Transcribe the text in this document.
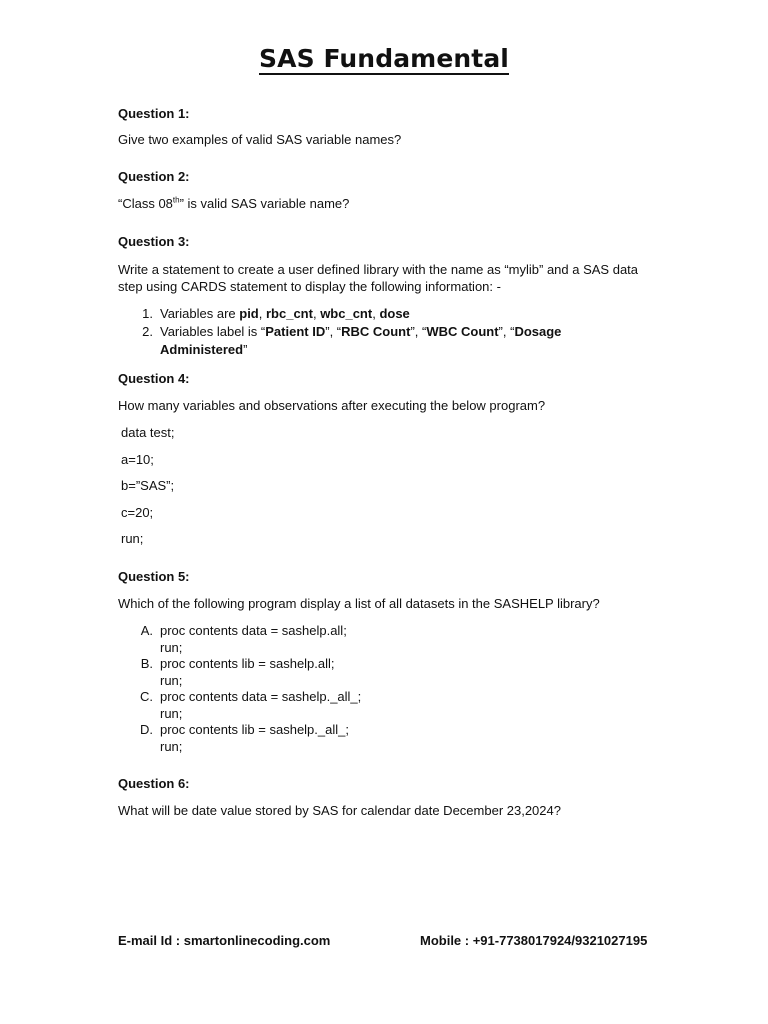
SAS Fundamental
Question 1:
Give two examples of valid SAS variable names?
Question 2:
“Class 08th” is valid SAS variable name?
Question 3:
Write a statement to create a user defined library with the name as “mylib” and a SAS data
step using CARDS statement to display the following information: -
1. Variables are pid, rbc_cnt, wbc_cnt, dose
2. Variables label is “Patient ID”, “RBC Count”, “WBC Count”, “Dosage
Administered”
Question 4:
How many variables and observations after executing the below program?
data test;
a=10;
b=”SAS”;
c=20;
run;
Question 5:
Which of the following program display a list of all datasets in the SASHELP library?
A. proc contents data = sashelp.all;
run;
B. proc contents lib = sashelp.all;
run;
C. proc contents data = sashelp._all_;
run;
D. proc contents lib = sashelp._all_;
run;
Question 6:
What will be date value stored by SAS for calendar date December 23,2024?
E-mail Id : smartonlinecoding.com	Mobile : +91-7738017924/9321027195
